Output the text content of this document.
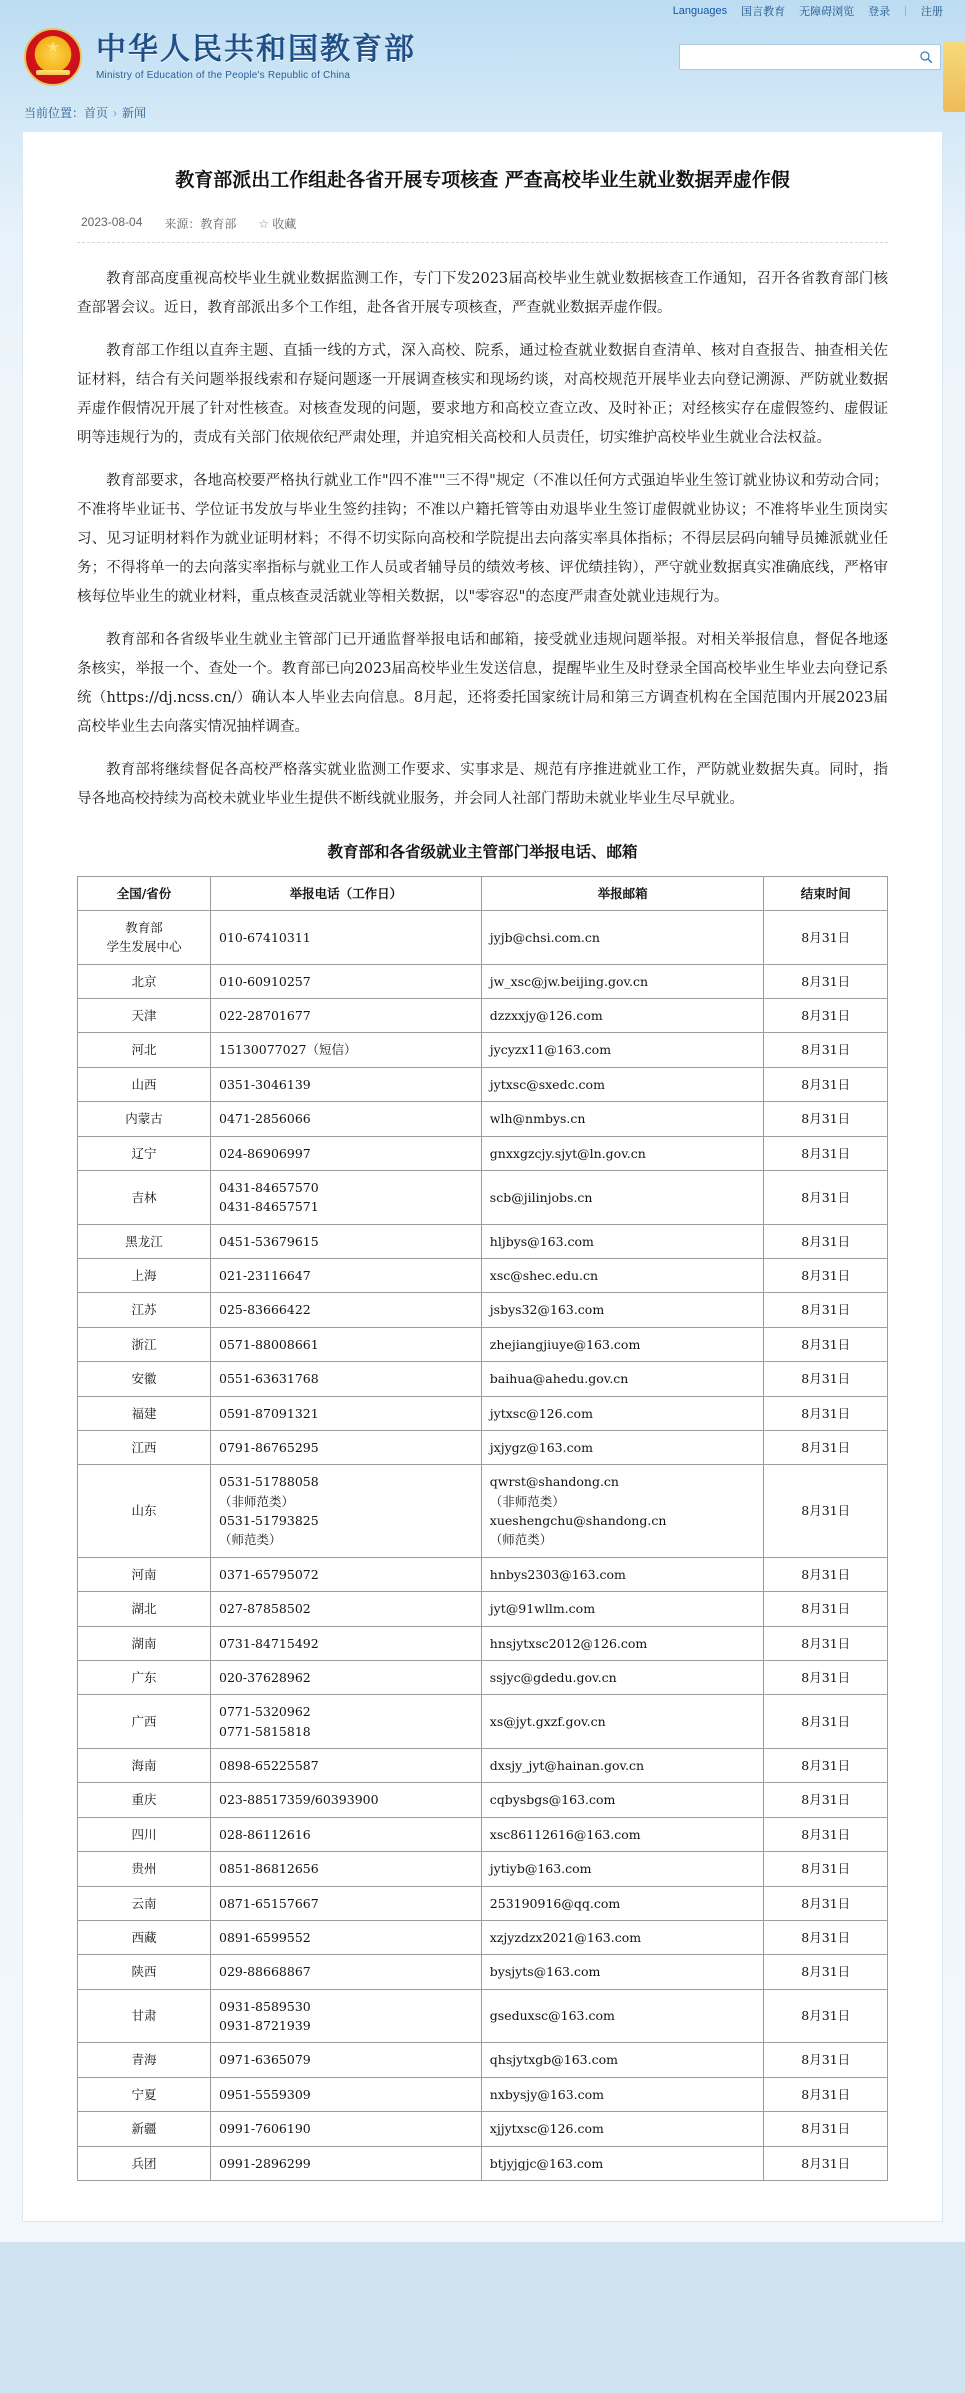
Languages 国言教育 无障碍浏览 登录 | 注册
★
中华人民共和国教育部
Ministry of Education of the People's Republic of China
当前位置：首页 › 新闻
教育部派出工作组赴各省开展专项核查 严查高校毕业生就业数据弄虚作假
2023-08-04 来源：教育部 ☆ 收藏

教育部高度重视高校毕业生就业数据监测工作，专门下发2023届高校毕业生就业数据核查工作通知，召开各省教育部门核查部署会议。近日，教育部派出多个工作组，赴各省开展专项核查，严查就业数据弄虚作假。

教育部工作组以直奔主题、直插一线的方式，深入高校、院系，通过检查就业数据自查清单、核对自查报告、抽查相关佐证材料，结合有关问题举报线索和存疑问题逐一开展调查核实和现场约谈，对高校规范开展毕业去向登记溯源、严防就业数据弄虚作假情况开展了针对性核查。对核查发现的问题，要求地方和高校立查立改、及时补正；对经核实存在虚假签约、虚假证明等违规行为的，责成有关部门依规依纪严肃处理，并追究相关高校和人员责任，切实维护高校毕业生就业合法权益。

教育部要求，各地高校要严格执行就业工作"四不准""三不得"规定（不准以任何方式强迫毕业生签订就业协议和劳动合同；不准将毕业证书、学位证书发放与毕业生签约挂钩；不准以户籍托管等由劝退毕业生签订虚假就业协议；不准将毕业生顶岗实习、见习证明材料作为就业证明材料；不得不切实际向高校和学院提出去向落实率具体指标；不得层层码向辅导员摊派就业任务；不得将单一的去向落实率指标与就业工作人员或者辅导员的绩效考核、评优绩挂钩），严守就业数据真实准确底线，严格审核每位毕业生的就业材料，重点核查灵活就业等相关数据，以"零容忍"的态度严肃查处就业违规行为。

教育部和各省级毕业生就业主管部门已开通监督举报电话和邮箱，接受就业违规问题举报。对相关举报信息，督促各地逐条核实，举报一个、查处一个。教育部已向2023届高校毕业生发送信息，提醒毕业生及时登录全国高校毕业生毕业去向登记系统（https://dj.ncss.cn/）确认本人毕业去向信息。8月起，还将委托国家统计局和第三方调查机构在全国范围内开展2023届高校毕业生去向落实情况抽样调查。

教育部将继续督促各高校严格落实就业监测工作要求、实事求是、规范有序推进就业工作，严防就业数据失真。同时，指导各地高校持续为高校未就业毕业生提供不断线就业服务，并会同人社部门帮助未就业毕业生尽早就业。

教育部和各省级就业主管部门举报电话、邮箱
全国/省份	举报电话（工作日）	举报邮箱	结束时间

教育部
学生发展中心	010-67410311	jyjb@chsi.com.cn	8月31日

北京	010-60910257	jw_xsc@jw.beijing.gov.cn	8月31日

天津	022-28701677	dzzxxjy@126.com	8月31日

河北	15130077027（短信）	jycyzx11@163.com	8月31日

山西	0351-3046139	jytxsc@sxedc.com	8月31日

内蒙古	0471-2856066	wlh@nmbys.cn	8月31日

辽宁	024-86906997	gnxxgzcjy.sjyt@ln.gov.cn	8月31日

吉林	0431-84657570
0431-84657571	scb@jilinjobs.cn	8月31日

黑龙江	0451-53679615	hljbys@163.com	8月31日

上海	021-23116647	xsc@shec.edu.cn	8月31日

江苏	025-83666422	jsbys32@163.com	8月31日

浙江	0571-88008661	zhejiangjiuye@163.com	8月31日

安徽	0551-63631768	baihua@ahedu.gov.cn	8月31日

福建	0591-87091321	jytxsc@126.com	8月31日

江西	0791-86765295	jxjygz@163.com	8月31日

山东	0531-51788058
（非师范类）
0531-51793825
（师范类）	qwrst@shandong.cn
（非师范类）
xueshengchu@shandong.cn
（师范类）	8月31日

河南	0371-65795072	hnbys2303@163.com	8月31日

湖北	027-87858502	jyt@91wllm.com	8月31日

湖南	0731-84715492	hnsjytxsc2012@126.com	8月31日

广东	020-37628962	ssjyc@gdedu.gov.cn	8月31日

广西	0771-5320962
0771-5815818	xs@jyt.gxzf.gov.cn	8月31日

海南	0898-65225587	dxsjy_jyt@hainan.gov.cn	8月31日

重庆	023-88517359/60393900	cqbysbgs@163.com	8月31日

四川	028-86112616	xsc86112616@163.com	8月31日

贵州	0851-86812656	jytiyb@163.com	8月31日

云南	0871-65157667	253190916@qq.com	8月31日

西藏	0891-6599552	xzjyzdzx2021@163.com	8月31日

陕西	029-88668867	bysjyts@163.com	8月31日

甘肃	0931-8589530
0931-8721939	gseduxsc@163.com	8月31日

青海	0971-6365079	qhsjytxgb@163.com	8月31日

宁夏	0951-5559309	nxbysjy@163.com	8月31日

新疆	0991-7606190	xjjytxsc@126.com	8月31日

兵团	0991-2896299	btjyjgjc@163.com	8月31日
